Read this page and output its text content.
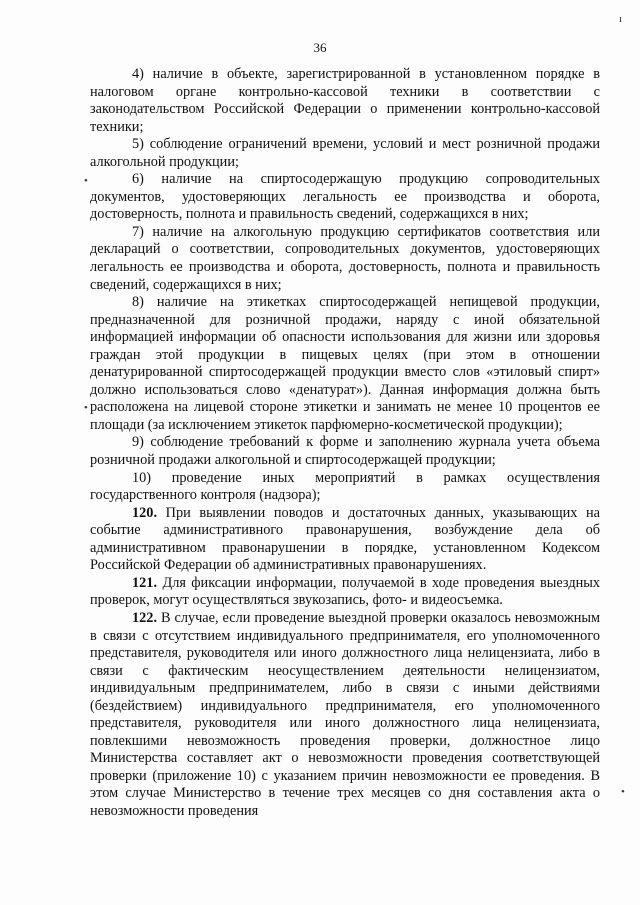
36

4) наличие в объекте, зарегистрированной в установленном порядке в налоговом органе контрольно-кассовой техники в соответствии с законодательством Российской Федерации о применении контрольно-кассовой техники;

5) соблюдение ограничений времени, условий и мест розничной продажи алкогольной продукции;

6) наличие на спиртосодержащую продукцию сопроводительных документов, удостоверяющих легальность ее производства и оборота, достоверность, полнота и правильность сведений, содержащихся в них;

7) наличие на алкогольную продукцию сертификатов соответствия или деклараций о соответствии, сопроводительных документов, удостоверяющих легальность ее производства и оборота, достоверность, полнота и правильность сведений, содержащихся в них;

8) наличие на этикетках спиртосодержащей непищевой продукции, предназначенной для розничной продажи, наряду с иной обязательной информацией информации об опасности использования для жизни или здоровья граждан этой продукции в пищевых целях (при этом в отношении денатурированной спиртосодержащей продукции вместо слов «этиловый спирт» должно использоваться слово «денатурат»). Данная информация должна быть расположена на лицевой стороне этикетки и занимать не менее 10 процентов ее площади (за исключением этикеток парфюмерно-косметической продукции);

9) соблюдение требований к форме и заполнению журнала учета объема розничной продажи алкогольной и спиртосодержащей продукции;

10) проведение иных мероприятий в рамках осуществления государственного контроля (надзора);

120. При выявлении поводов и достаточных данных, указывающих на событие административного правонарушения, возбуждение дела об административном правонарушении в порядке, установленном Кодексом Российской Федерации об административных правонарушениях.

121. Для фиксации информации, получаемой в ходе проведения выездных проверок, могут осуществляться звукозапись, фото- и видеосъемка.

122. В случае, если проведение выездной проверки оказалось невозможным в связи с отсутствием индивидуального предпринимателя, его уполномоченного представителя, руководителя или иного должностного лица нелицензиата, либо в связи с фактическим неосуществлением деятельности нелицензиатом, индивидуальным предпринимателем, либо в связи с иными действиями (бездействием) индивидуального предпринимателя, его уполномоченного представителя, руководителя или иного должностного лица нелицензиата, повлекшими невозможность проведения проверки, должностное лицо Министерства составляет акт о невозможности проведения соответствующей проверки (приложение 10) с указанием причин невозможности ее проведения. В этом случае Министерство в течение трех месяцев со дня составления акта о невозможности проведения

•
•
ı
•
